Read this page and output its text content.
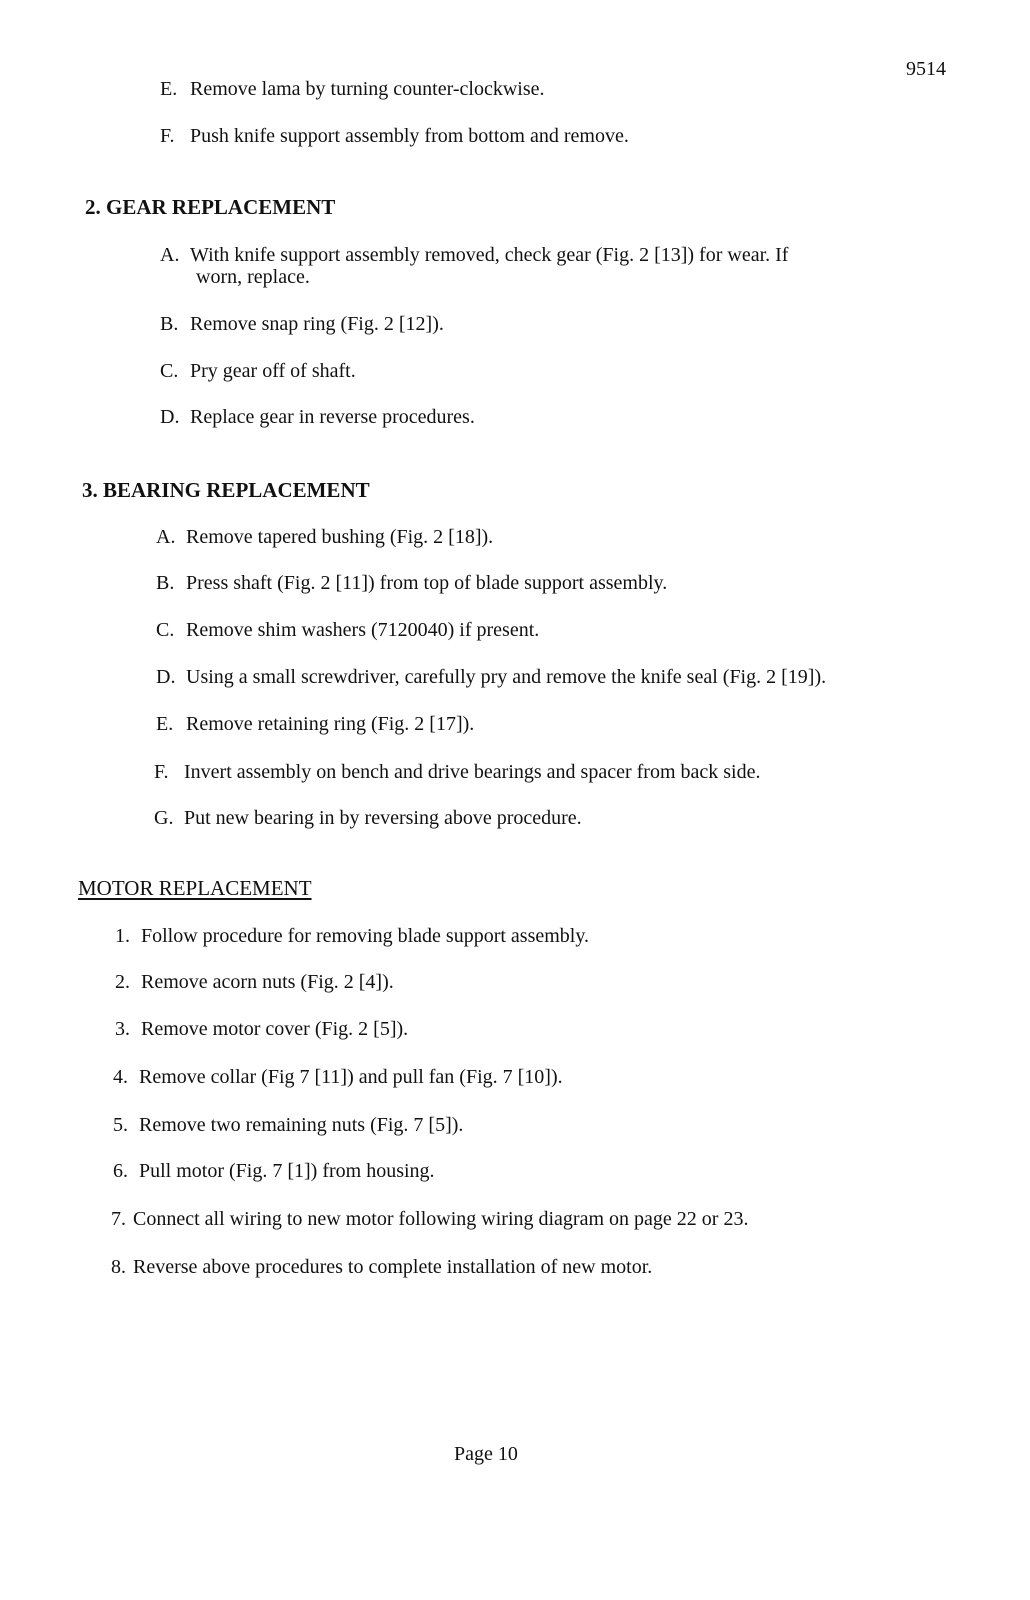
9514
E. Remove lama by turning counter-clockwise.
F. Push knife support assembly from bottom and remove.
2. GEAR REPLACEMENT
A. With knife support assembly removed, check gear (Fig. 2 [13]) for wear. If
worn, replace.
B. Remove snap ring (Fig. 2 [12]).
C. Pry gear off of shaft.
D. Replace gear in reverse procedures.
3. BEARING REPLACEMENT
A. Remove tapered bushing (Fig. 2 [18]).
B. Press shaft (Fig. 2 [11]) from top of blade support assembly.
C. Remove shim washers (7120040) if present.
D. Using a small screwdriver, carefully pry and remove the knife seal (Fig. 2 [19]).
E. Remove retaining ring (Fig. 2 [17]).
F. Invert assembly on bench and drive bearings and spacer from back side.
G. Put new bearing in by reversing above procedure.
MOTOR REPLACEMENT
1. Follow procedure for removing blade support assembly.
2. Remove acorn nuts (Fig. 2 [4]).
3. Remove motor cover (Fig. 2 [5]).
4. Remove collar (Fig 7 [11]) and pull fan (Fig. 7 [10]).
5. Remove two remaining nuts (Fig. 7 [5]).
6. Pull motor (Fig. 7 [1]) from housing.
7. Connect all wiring to new motor following wiring diagram on page 22 or 23.
8. Reverse above procedures to complete installation of new motor.
Page 10
